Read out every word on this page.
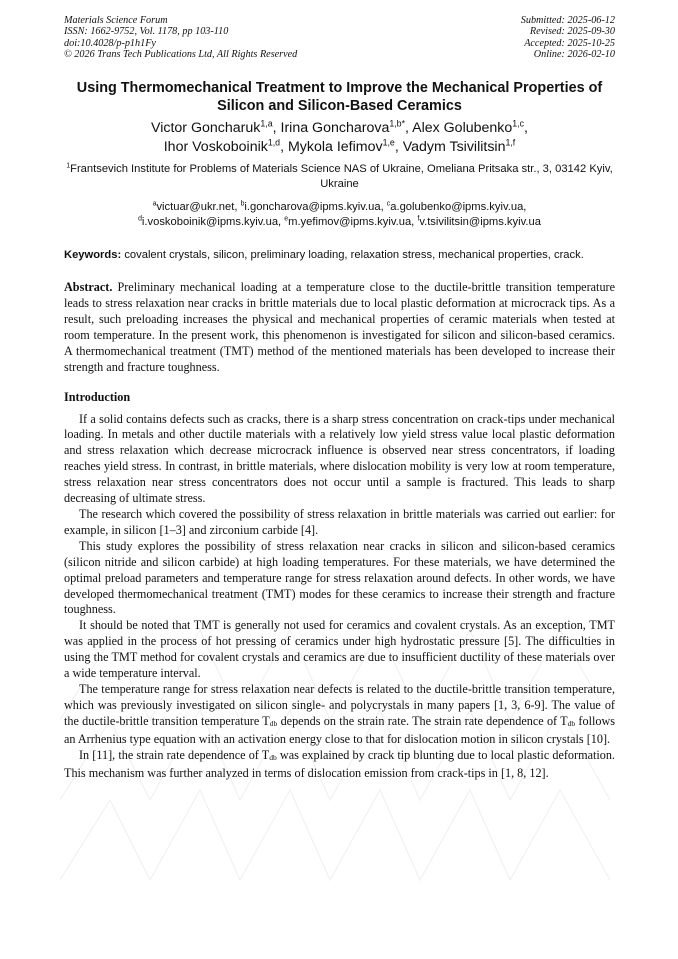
Materials Science Forum
ISSN: 1662-9752, Vol. 1178, pp 103-110
doi:10.4028/p-p1h1Fy
© 2026 Trans Tech Publications Ltd, All Rights Reserved
Submitted: 2025-06-12
Revised: 2025-09-30
Accepted: 2025-10-25
Online: 2026-02-10
Using Thermomechanical Treatment to Improve the Mechanical Properties of Silicon and Silicon-Based Ceramics
Victor Goncharuk$^{1,a}$, Irina Goncharova$^{1,b*}$, Alex Golubenko$^{1,c}$,
Ihor Voskoboinik$^{1,d}$, Mykola Iefimov$^{1,e}$, Vadym Tsivilitsin$^{1,f}$
$^1$Frantsevich Institute for Problems of Materials Science NAS of Ukraine, Omeliana Pritsaka str., 3, 03142 Kyiv, Ukraine
$^a$victuar@ukr.net, $^b$i.goncharova@ipms.kyiv.ua, $^c$a.golubenko@ipms.kyiv.ua,
$^d$i.voskoboinik@ipms.kyiv.ua, $^e$m.yefimov@ipms.kyiv.ua, $^f$v.tsivilitsin@ipms.kyiv.ua
Keywords: covalent crystals, silicon, preliminary loading, relaxation stress, mechanical properties, crack.
Abstract. Preliminary mechanical loading at a temperature close to the ductile-brittle transition temperature leads to stress relaxation near cracks in brittle materials due to local plastic deformation at microcrack tips. As a result, such preloading increases the physical and mechanical properties of ceramic materials when tested at room temperature. In the present work, this phenomenon is investigated for silicon and silicon-based ceramics. A thermomechanical treatment (TMT) method of the mentioned materials has been developed to increase their strength and fracture toughness.
Introduction

If a solid contains defects such as cracks, there is a sharp stress concentration on crack-tips under mechanical loading. In metals and other ductile materials with a relatively low yield stress value local plastic deformation and stress relaxation which decrease microcrack influence is observed near stress concentrators, if loading reaches yield stress. In contrast, in brittle materials, where dislocation mobility is very low at room temperature, stress relaxation near stress concentrators does not occur until a sample is fractured. This leads to sharp decreasing of ultimate stress.

The research which covered the possibility of stress relaxation in brittle materials was carried out earlier: for example, in silicon [1–3] and zirconium carbide [4].

This study explores the possibility of stress relaxation near cracks in silicon and silicon-based ceramics (silicon nitride and silicon carbide) at high loading temperatures. For these materials, we have determined the optimal preload parameters and temperature range for stress relaxation around defects. In other words, we have developed thermomechanical treatment (TMT) modes for these ceramics to increase their strength and fracture toughness.

It should be noted that TMT is generally not used for ceramics and covalent crystals. As an exception, TMT was applied in the process of hot pressing of ceramics under high hydrostatic pressure [5]. The difficulties in using the TMT method for covalent crystals and ceramics are due to insufficient ductility of these materials over a wide temperature interval.

The temperature range for stress relaxation near defects is related to the ductile-brittle transition temperature, which was previously investigated on silicon single- and polycrystals in many papers [1, 3, 6-9]. The value of the ductile-brittle transition temperature Tdb depends on the strain rate. The strain rate dependence of Tdb follows an Arrhenius type equation with an activation energy close to that for dislocation motion in silicon crystals [10].

In [11], the strain rate dependence of Tdb was explained by crack tip blunting due to local plastic deformation. This mechanism was further analyzed in terms of dislocation emission from crack-tips in [1, 8, 12].
